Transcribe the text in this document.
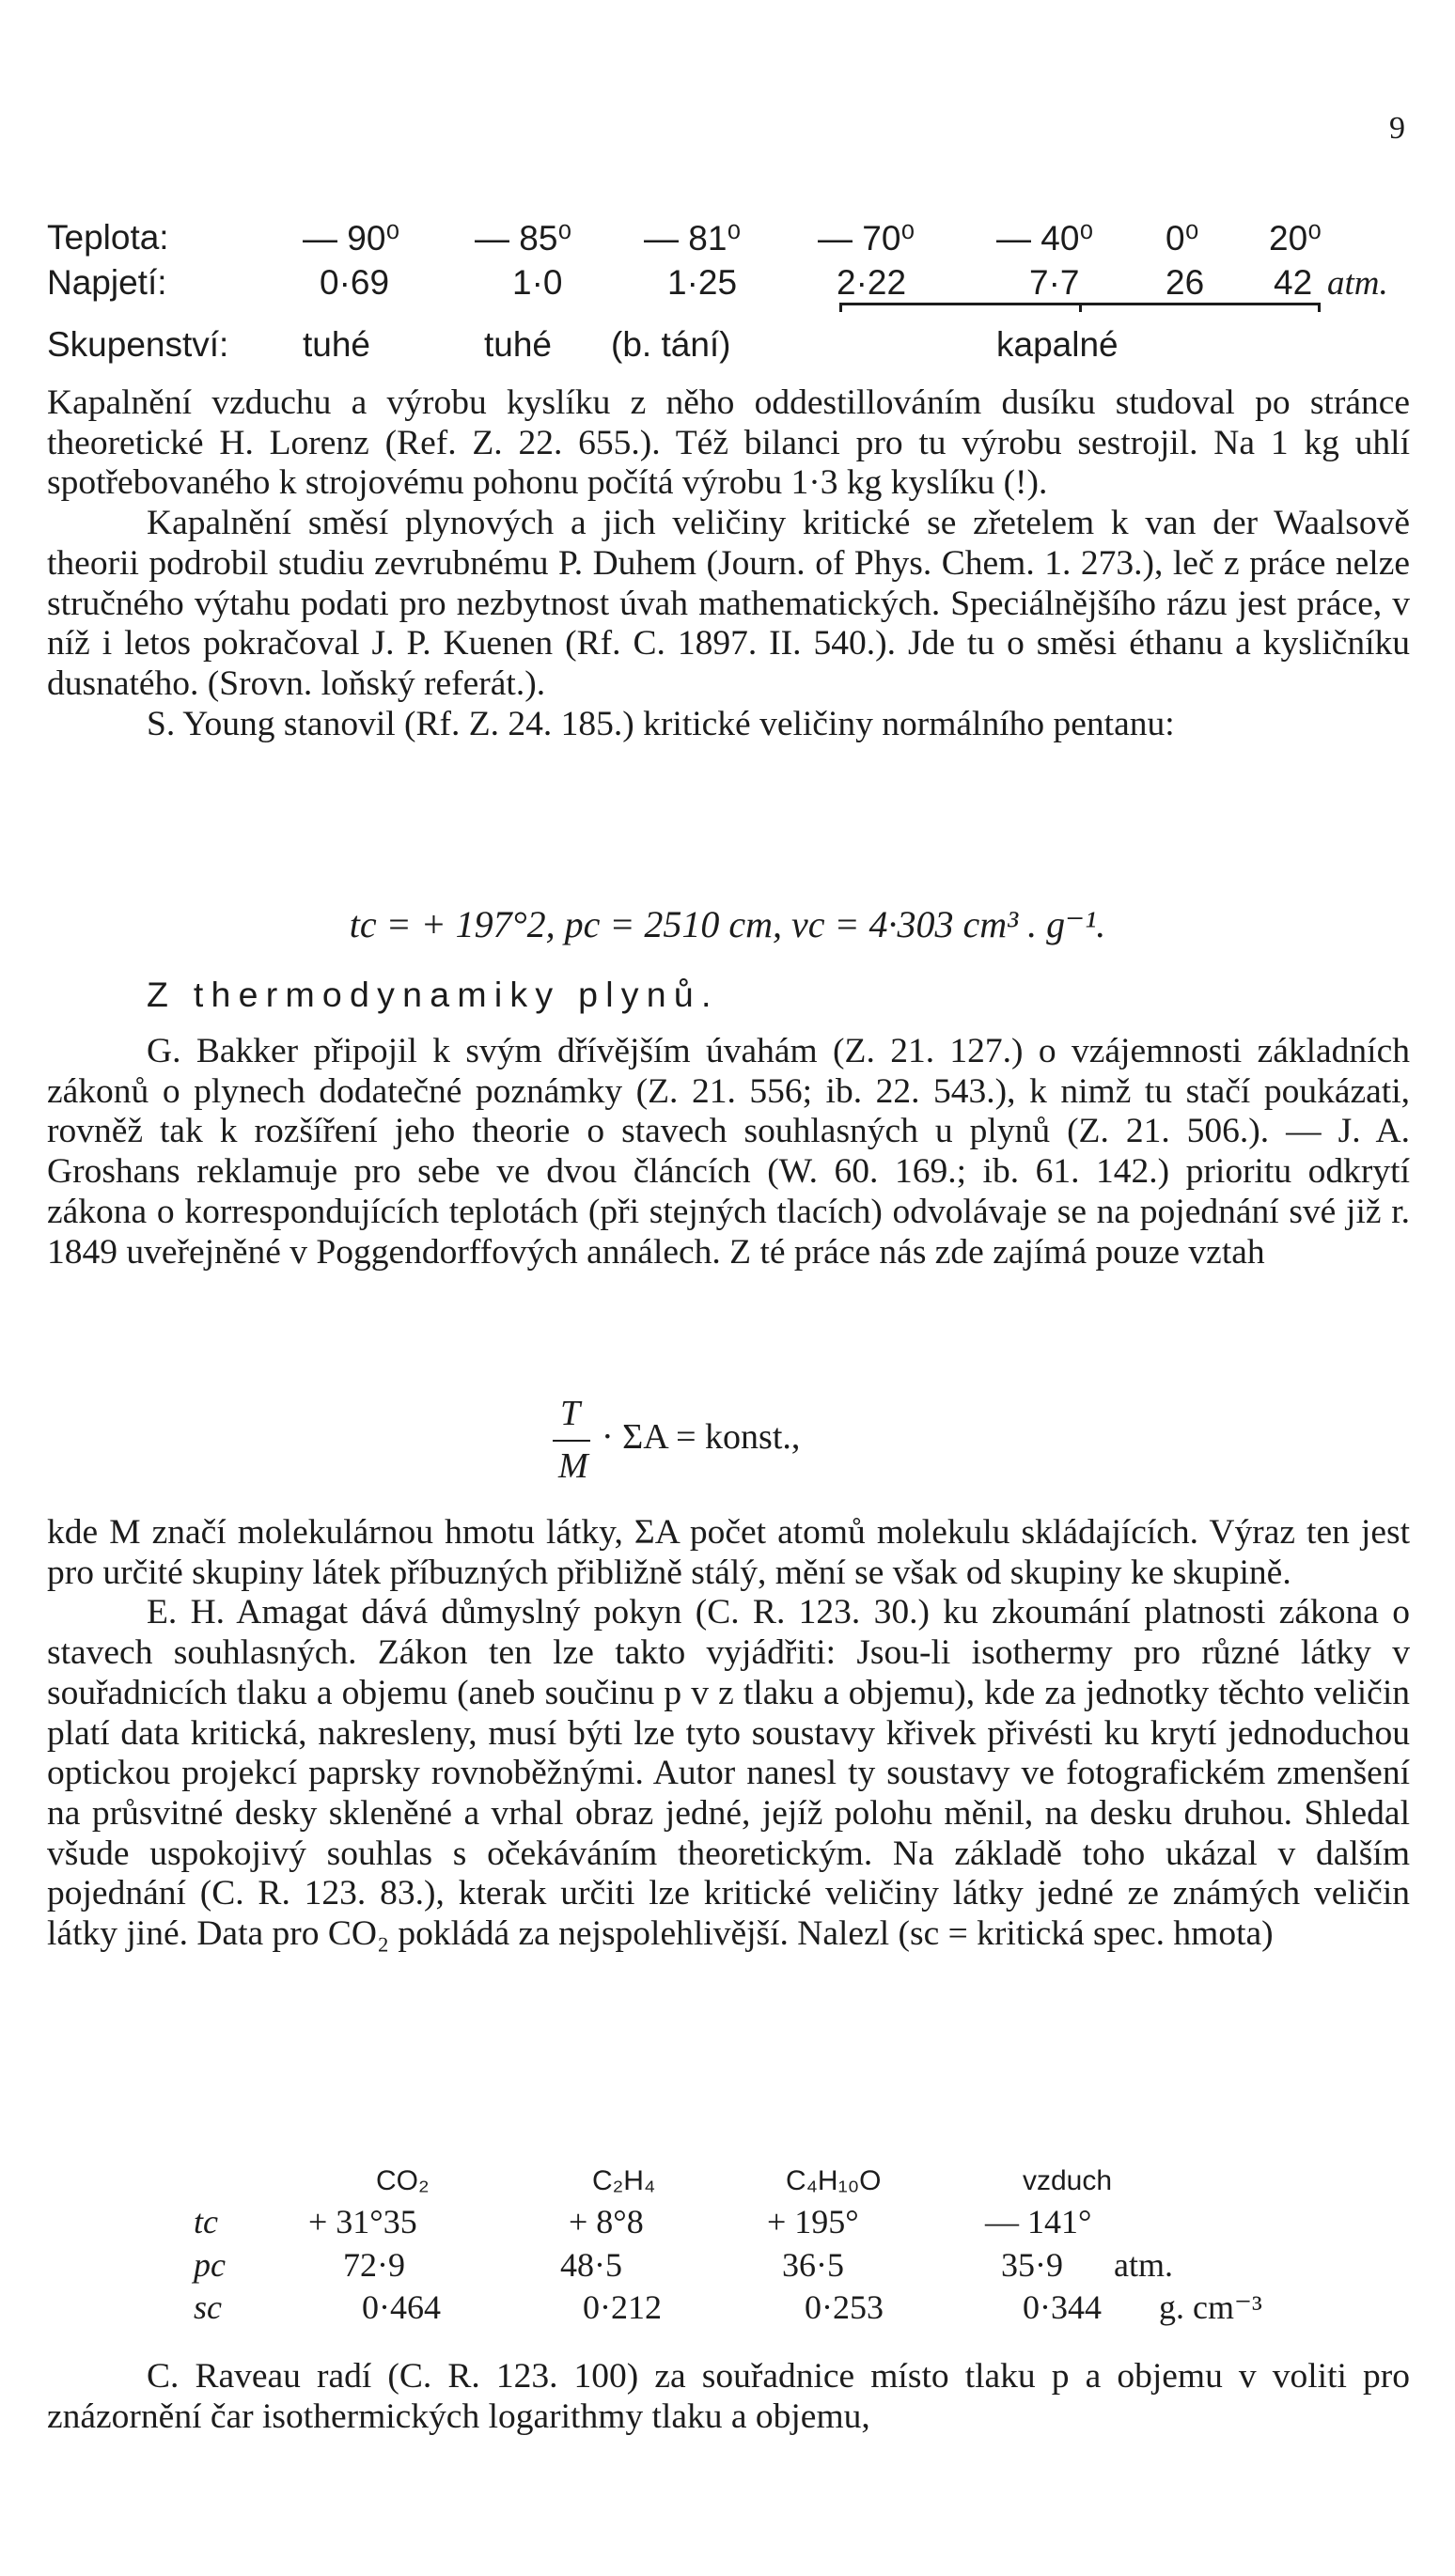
9
Teplota:	— 90⁰ — 85⁰ — 81⁰ — 70⁰ — 40⁰ 0⁰ 20⁰
Napjetí:	0·69	1·0	1·25	2·22	7·7 26 42 atm.
Skupenství: tuhé	tuhé (b. tání)	kapalné

Kapalnění vzduchu a výrobu kyslíku z něho oddestillováním dusíku studoval po stránce theoretické H. Lorenz (Ref. Z. 22. 655.). Též bilanci pro tu výrobu sestrojil. Na 1 kg uhlí spotřebovaného k strojovému pohonu počítá výrobu 1·3 kg kyslíku (!).

Kapalnění směsí plynových a jich veličiny kritické se zřetelem k van der Waalsově theorii podrobil studiu zevrubnému P. Duhem (Journ. of Phys. Chem. 1. 273.), leč z práce nelze stručného výtahu podati pro nezbytnost úvah mathematických. Speciálnějšího rázu jest práce, v níž i letos pokračoval J. P. Kuenen (Rf. C. 1897. II. 540.). Jde tu o směsi éthanu a kysličníku dusnatého. (Srovn. loňský referát.).

S. Young stanovil (Rf. Z. 24. 185.) kritické veličiny normálního pentanu:

tc = + 197°2, pc = 2510 cm, vc = 4·303 cm³ . g⁻¹.
Z thermodynamiky plynů.

G. Bakker připojil k svým dřívějším úvahám (Z. 21. 127.) o vzájemnosti základních zákonů o plynech dodatečné poznámky (Z. 21. 556; ib. 22. 543.), k nimž tu stačí poukázati, rovněž tak k rozšíření jeho theorie o stavech souhlasných u plynů (Z. 21. 506.). — J. A. Groshans reklamuje pro sebe ve dvou článcích (W. 60. 169.; ib. 61. 142.) prioritu odkrytí zákona o korrespondujících teplotách (při stejných tlacích) odvolávaje se na pojednání své již r. 1849 uveřejněné v Poggendorffových annálech. Z té práce nás zde zajímá pouze vztah

T
M
· ΣA = konst.,

kde M značí molekulárnou hmotu látky, ΣA počet atomů molekulu skládajících. Výraz ten jest pro určité skupiny látek příbuzných přibližně stálý, mění se však od skupiny ke skupině.

E. H. Amagat dává důmyslný pokyn (C. R. 123. 30.) ku zkoumání platnosti zákona o stavech souhlasných. Zákon ten lze takto vyjádřiti: Jsou-li isothermy pro různé látky v souřadnicích tlaku a objemu (aneb součinu p v z tlaku a objemu), kde za jednotky těchto veličin platí data kritická, nakresleny, musí býti lze tyto soustavy křivek přivésti ku krytí jednoduchou optickou projekcí paprsky rovnoběžnými. Autor nanesl ty soustavy ve fotografickém zmenšení na průsvitné desky skleněné a vrhal obraz jedné, jejíž polohu měnil, na desku druhou. Shledal všude uspokojivý souhlas s očekáváním theoretickým. Na základě toho ukázal v dalším pojednání (C. R. 123. 83.), kterak určiti lze kritické veličiny látky jedné ze známých veličin látky jiné. Data pro CO₂ pokládá za nejspolehlivější. Nalezl (sc = kritická spec. hmota)

CO₂	C₂H₄	C₄H₁₀O	vzduch
tc	+ 31°35	+ 8°8	+ 195°	— 141°
pc	72·9	48·5	36·5	35·9 atm.
sc	0·464	0·212	0·253	0·344 g. cm⁻³

C. Raveau radí (C. R. 123. 100) za souřadnice místo tlaku p a objemu v voliti pro znázornění čar isothermických logarithmy tlaku a objemu,
